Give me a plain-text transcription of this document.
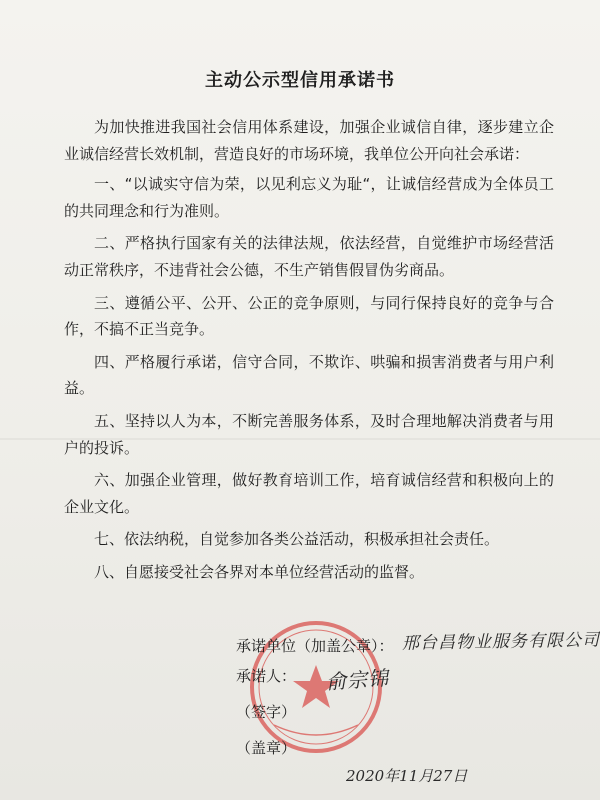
主动公示型信用承诺书

为加快推进我国社会信用体系建设，加强企业诚信自律，逐步建立企业诚信经营长效机制，营造良好的市场环境，我单位公开向社会承诺：

一、“以诚实守信为荣，以见利忘义为耻“，让诚信经营成为全体员工的共同理念和行为准则。

二、严格执行国家有关的法律法规，依法经营，自觉维护市场经营活动正常秩序，不违背社会公德，不生产销售假冒伪劣商品。

三、遵循公平、公开、公正的竞争原则，与同行保持良好的竞争与合作，不搞不正当竞争。

四、严格履行承诺，信守合同，不欺诈、哄骗和损害消费者与用户利益。

五、坚持以人为本，不断完善服务体系，及时合理地解决消费者与用户的投诉。

六、加强企业管理，做好教育培训工作，培育诚信经营和积极向上的企业文化。

七、依法纳税，自觉参加各类公益活动，积极承担社会责任。

八、自愿接受社会各界对本单位经营活动的监督。

承诺单位（加盖公章）： 邢台昌物业服务有限公司
承诺人： 俞宗锦
（签字）
（盖章）
2020年11月27日
